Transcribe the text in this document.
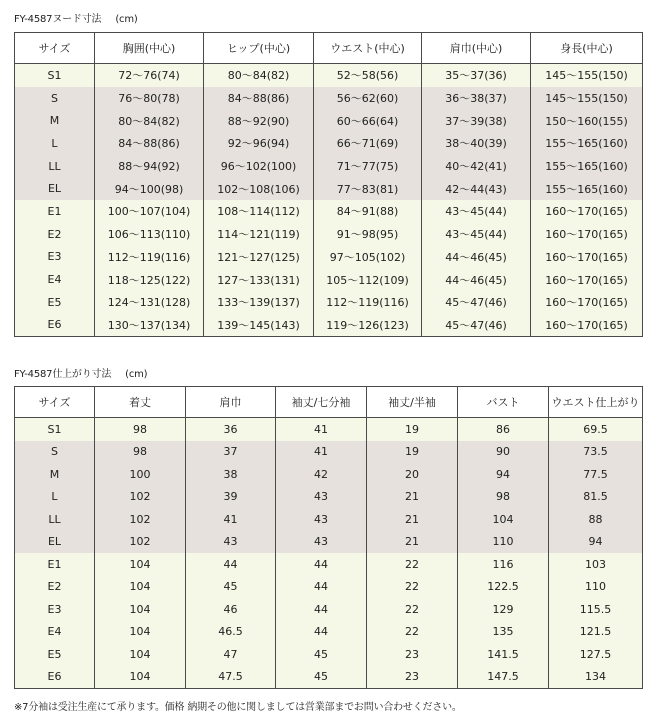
FY-4587ヌード寸法 (cm)
サイズ	胸囲(中心)	ヒップ(中心)	ウエスト(中心)	肩巾(中心)	身長(中心)
S1	72～76(74)	80～84(82)	52～58(56)	35～37(36)	145～155(150)
S	76～80(78)	84～88(86)	56～62(60)	36～38(37)	145～155(150)
M	80～84(82)	88～92(90)	60～66(64)	37～39(38)	150～160(155)
L	84～88(86)	92～96(94)	66～71(69)	38～40(39)	155～165(160)
LL	88～94(92)	96～102(100)	71～77(75)	40～42(41)	155～165(160)
EL	94～100(98)	102～108(106)	77～83(81)	42～44(43)	155～165(160)
E1	100～107(104)	108～114(112)	84～91(88)	43～45(44)	160～170(165)
E2	106～113(110)	114～121(119)	91～98(95)	43～45(44)	160～170(165)
E3	112～119(116)	121～127(125)	97～105(102)	44～46(45)	160～170(165)
E4	118～125(122)	127～133(131)	105～112(109)	44～46(45)	160～170(165)
E5	124～131(128)	133～139(137)	112～119(116)	45～47(46)	160～170(165)
E6	130～137(134)	139～145(143)	119～126(123)	45～47(46)	160～170(165)
FY-4587仕上がり寸法 (cm)
サイズ	着丈	肩巾	袖丈/七分袖	袖丈/半袖	バスト	ウエスト仕上がり
S1	98	36	41	19	86	69.5
S	98	37	41	19	90	73.5
M	100	38	42	20	94	77.5
L	102	39	43	21	98	81.5
LL	102	41	43	21	104	88
EL	102	43	43	21	110	94
E1	104	44	44	22	116	103
E2	104	45	44	22	122.5	110
E3	104	46	44	22	129	115.5
E4	104	46.5	44	22	135	121.5
E5	104	47	45	23	141.5	127.5
E6	104	47.5	45	23	147.5	134
※7分袖は受注生産にて承ります。価格 納期その他に関しましては営業部までお問い合わせください。
